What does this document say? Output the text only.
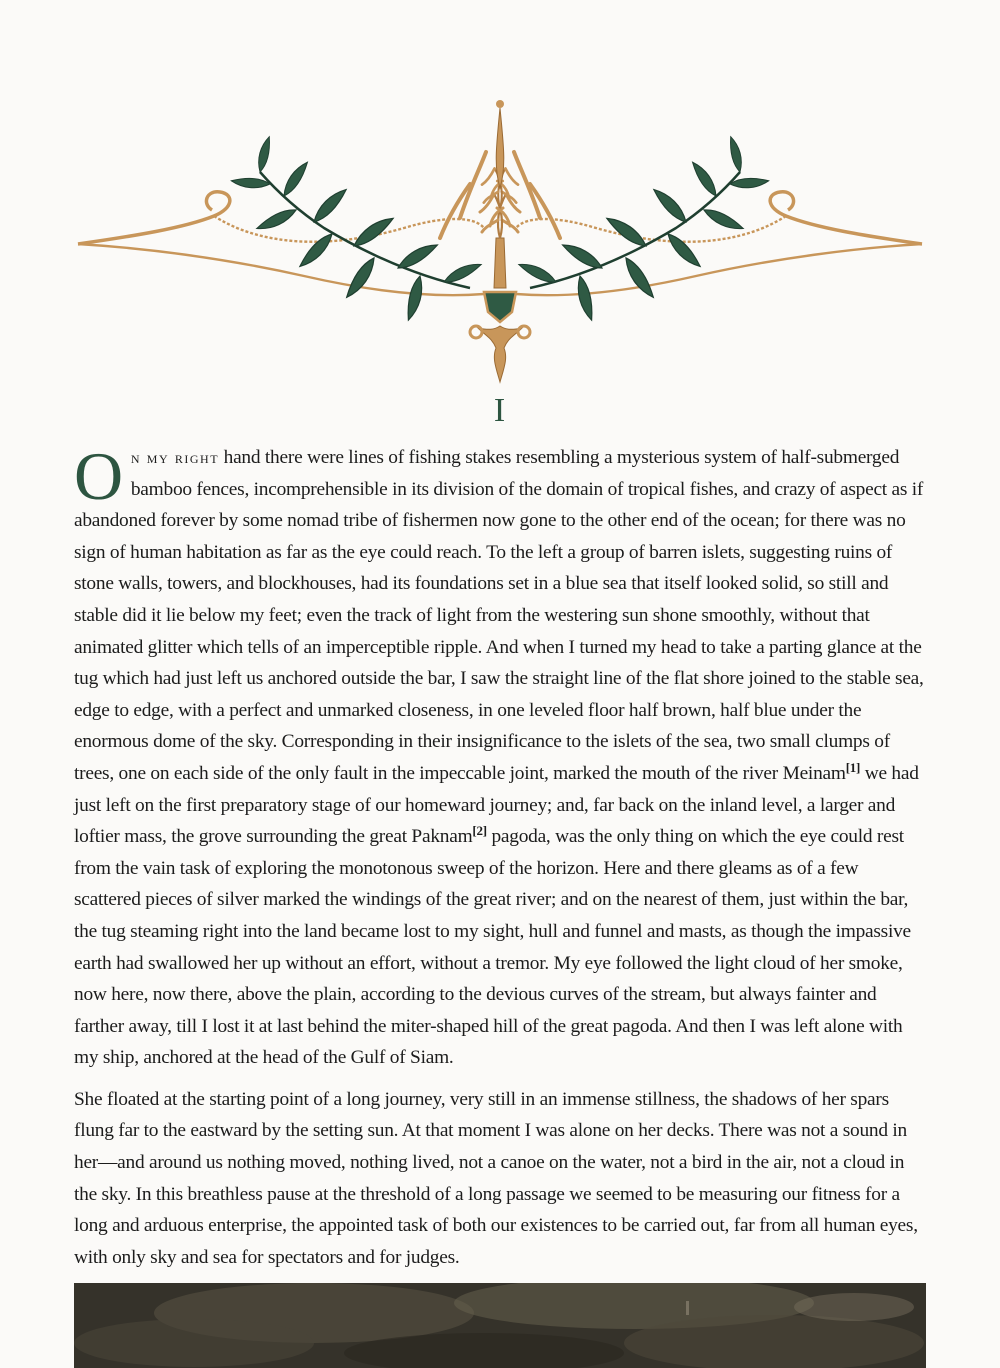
I

On my right hand there were lines of fishing stakes resembling a mysterious system of half-submerged bamboo fences, incomprehensible in its division of the domain of tropical fishes, and crazy of aspect as if abandoned forever by some nomad tribe of fishermen now gone to the other end of the ocean; for there was no sign of human habitation as far as the eye could reach. To the left a group of barren islets, suggesting ruins of stone walls, towers, and blockhouses, had its foundations set in a blue sea that itself looked solid, so still and stable did it lie below my feet; even the track of light from the westering sun shone smoothly, without that animated glitter which tells of an imperceptible ripple. And when I turned my head to take a parting glance at the tug which had just left us anchored outside the bar, I saw the straight line of the flat shore joined to the stable sea, edge to edge, with a perfect and unmarked closeness, in one leveled floor half brown, half blue under the enormous dome of the sky. Corresponding in their insignificance to the islets of the sea, two small clumps of trees, one on each side of the only fault in the impeccable joint, marked the mouth of the river Meinam[1] we had just left on the first preparatory stage of our homeward journey; and, far back on the inland level, a larger and loftier mass, the grove surrounding the great Paknam[2] pagoda, was the only thing on which the eye could rest from the vain task of exploring the monotonous sweep of the horizon. Here and there gleams as of a few scattered pieces of silver marked the windings of the great river; and on the nearest of them, just within the bar, the tug steaming right into the land became lost to my sight, hull and funnel and masts, as though the impassive earth had swallowed her up without an effort, without a tremor. My eye followed the light cloud of her smoke, now here, now there, above the plain, according to the devious curves of the stream, but always fainter and farther away, till I lost it at last behind the miter-shaped hill of the great pagoda. And then I was left alone with my ship, anchored at the head of the Gulf of Siam.

She floated at the starting point of a long journey, very still in an immense stillness, the shadows of her spars flung far to the eastward by the setting sun. At that moment I was alone on her decks. There was not a sound in her—and around us nothing moved, nothing lived, not a canoe on the water, not a bird in the air, not a cloud in the sky. In this breathless pause at the threshold of a long passage we seemed to be measuring our fitness for a long and arduous enterprise, the appointed task of both our existences to be carried out, far from all human eyes, with only sky and sea for spectators and for judges.
